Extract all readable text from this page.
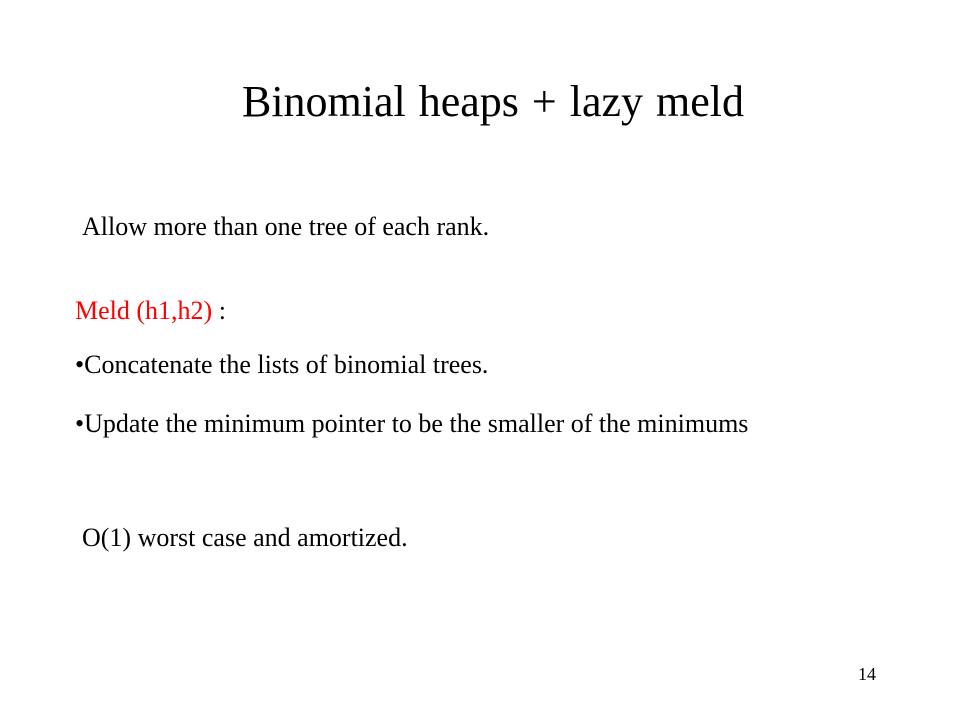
Binomial heaps + lazy meld
Allow more than one tree of each rank.
Meld (h1,h2) :
•Concatenate the lists of binomial trees.
•Update the minimum pointer to be the smaller of the minimums
O(1) worst case and amortized.
14
